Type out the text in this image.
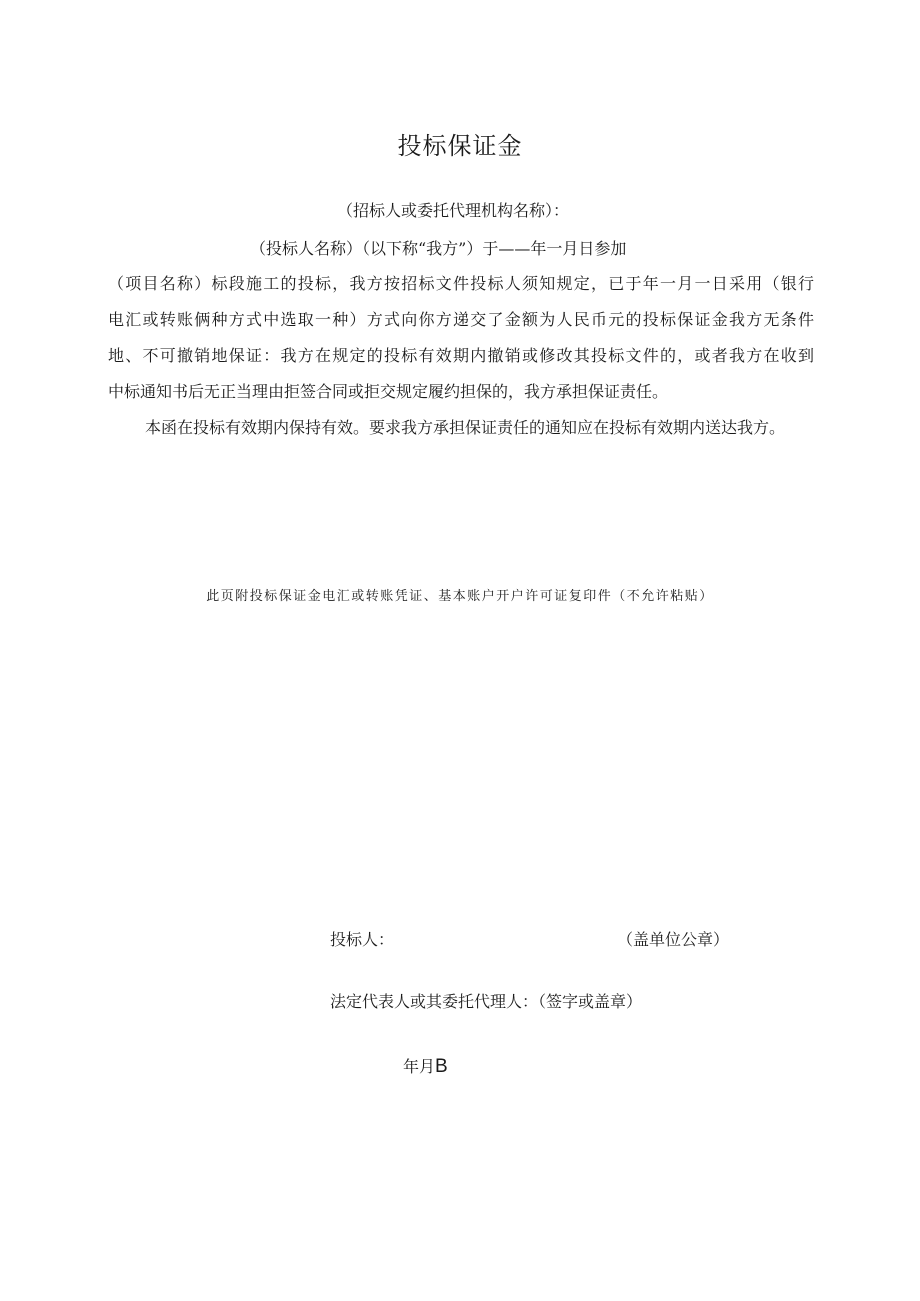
投标保证金
（招标人或委托代理机构名称）：
（投标人名称）（以下称“我方”）于——年一月日参加
（项目名称）标段施工的投标，我方按招标文件投标人须知规定，已于年一月一日采用（银行
电汇或转账俩种方式中选取一种）方式向你方递交了金额为人民币元的投标保证金我方无条件
地、不可撤销地保证：我方在规定的投标有效期内撤销或修改其投标文件的，或者我方在收到
中标通知书后无正当理由拒签合同或拒交规定履约担保的，我方承担保证责任。
本函在投标有效期内保持有效。要求我方承担保证责任的通知应在投标有效期内送达我方。
此页附投标保证金电汇或转账凭证、基本账户开户许可证复印件（不允许粘贴）
投标人：	（盖单位公章）
法定代表人或其委托代理人：（签字或盖章）
年月B
